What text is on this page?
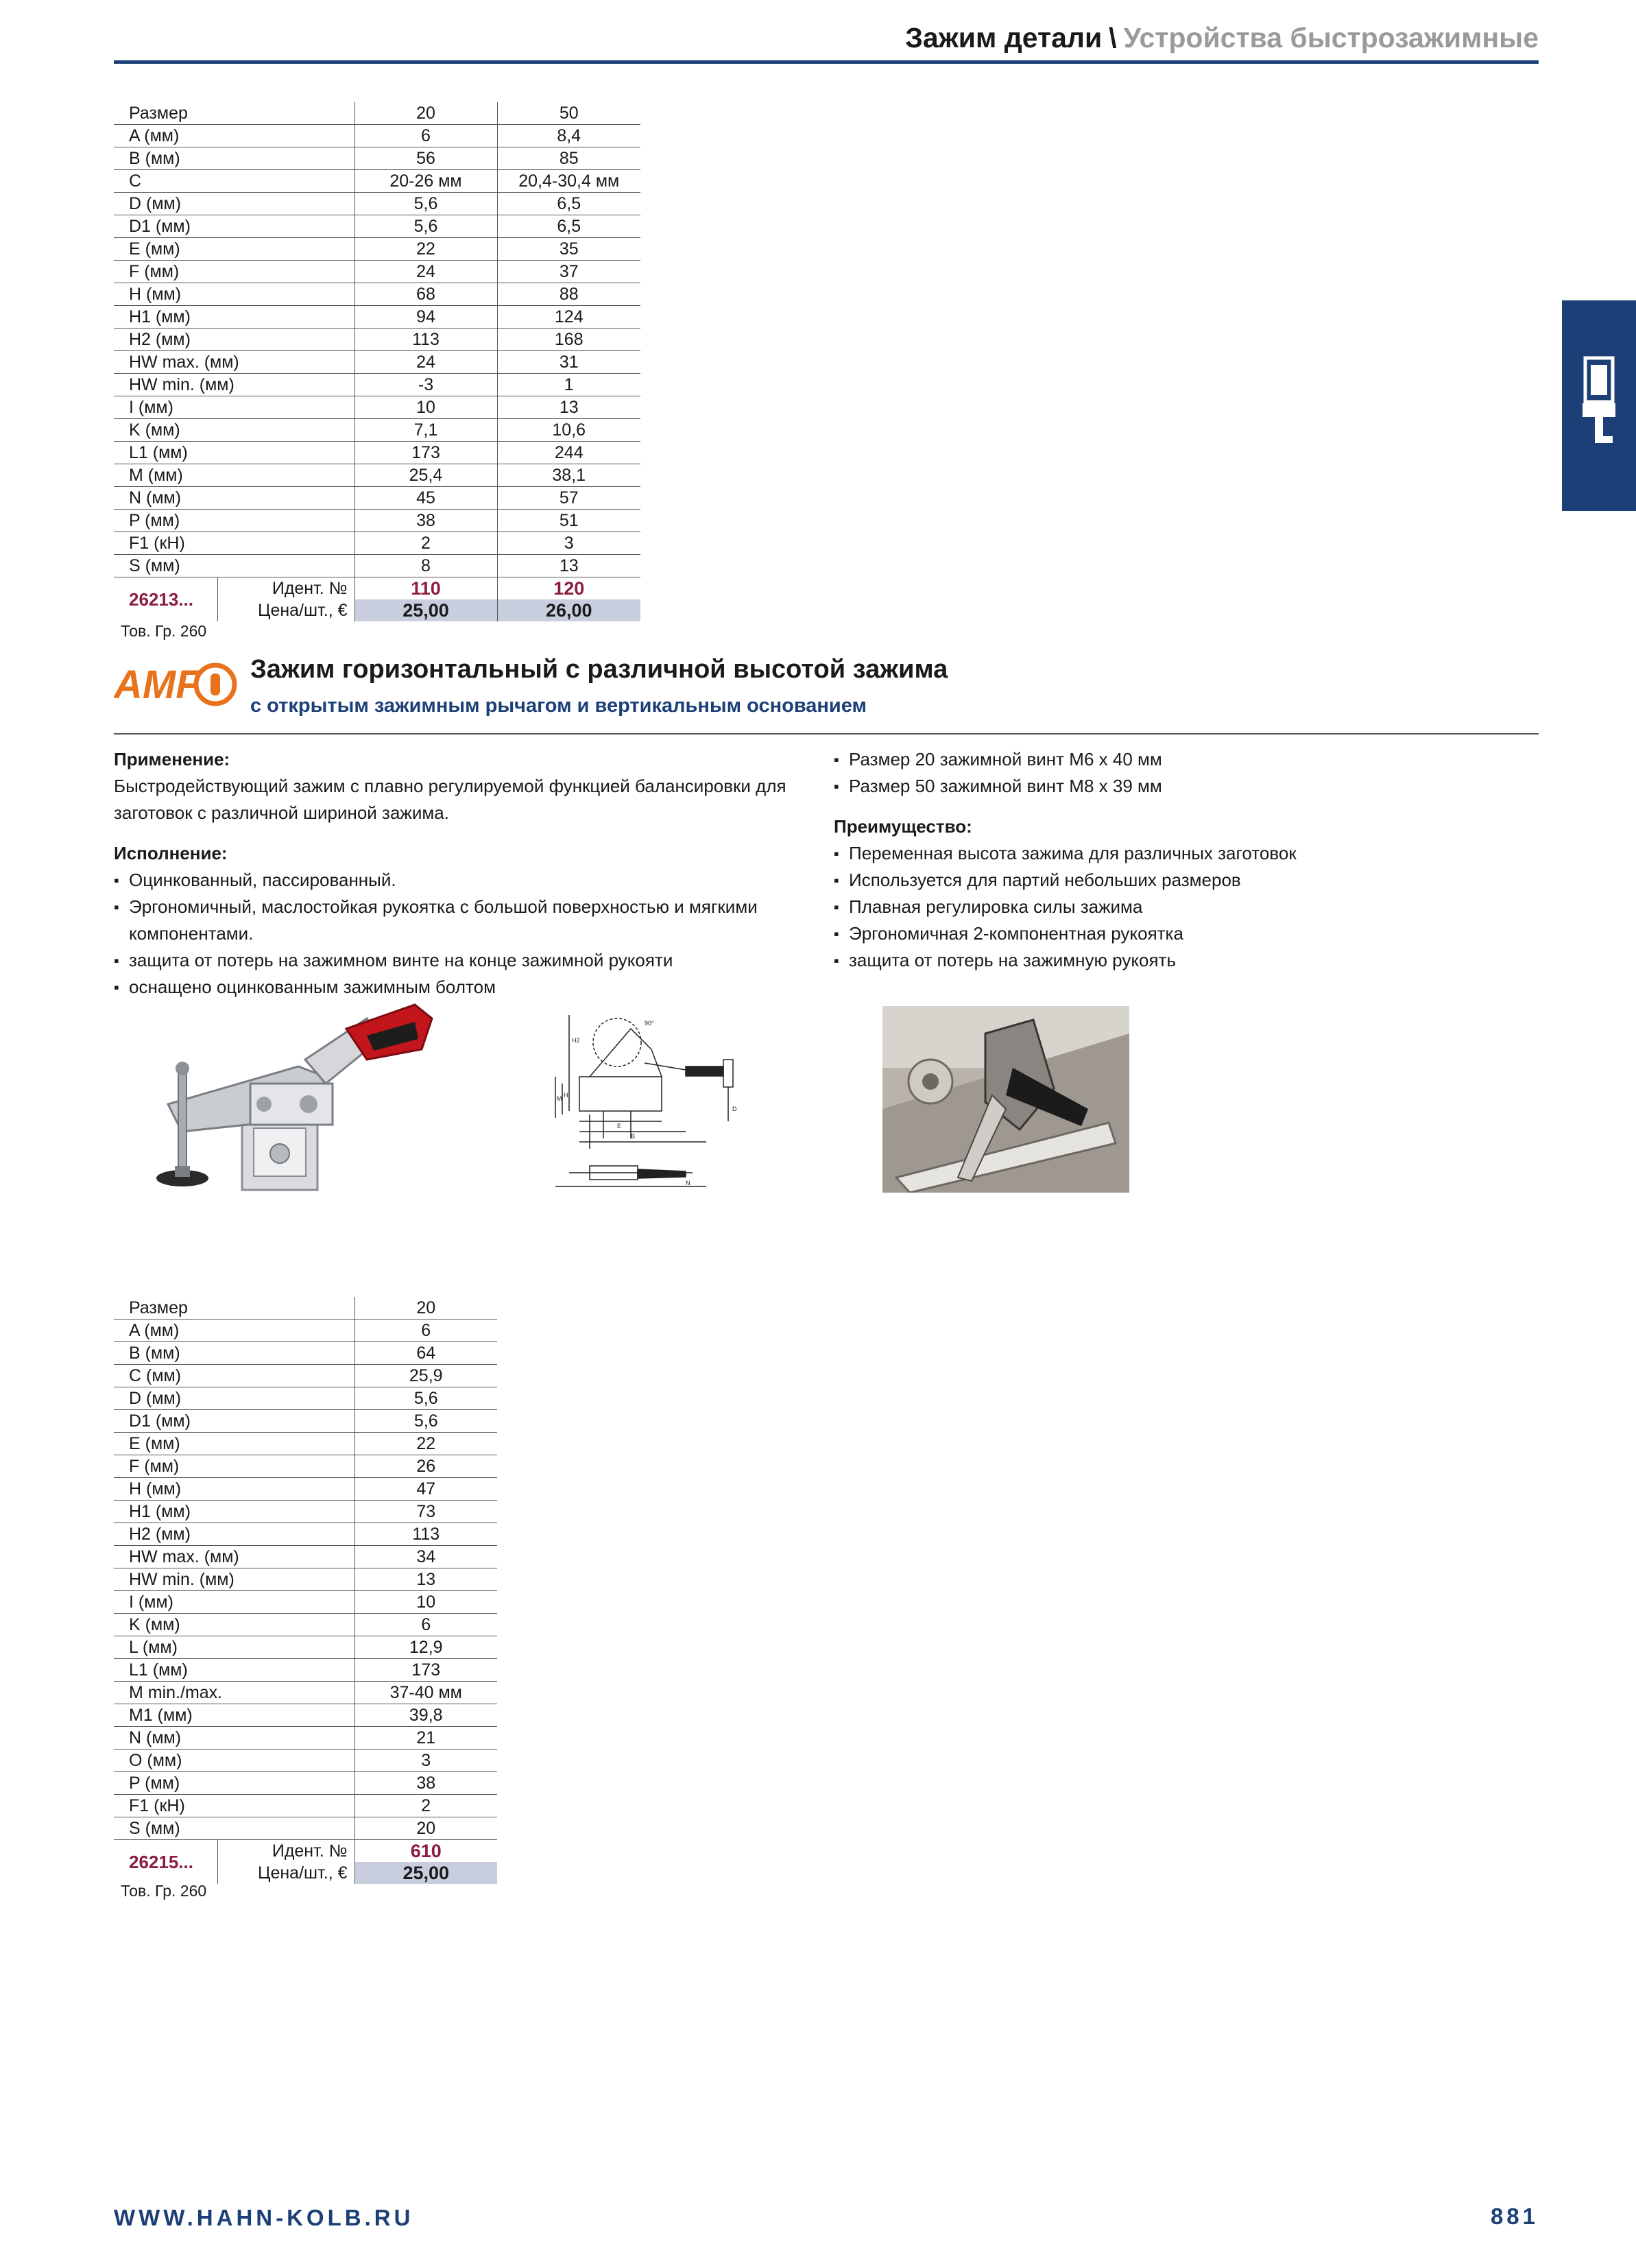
Зажим детали \ Устройства быстрозажимные
Размер		20	50
A (мм)		6	8,4
B (мм)		56	85
C		20-26 мм	20,4-30,4 мм
D (мм)		5,6	6,5
D1 (мм)		5,6	6,5
E (мм)		22	35
F (мм)		24	37
H (мм)		68	88
H1 (мм)		94	124
H2 (мм)		113	168
HW max. (мм)		24	31
HW min. (мм)		-3	1
I (мм)		10	13
K (мм)		7,1	10,6
L1 (мм)		173	244
M (мм)		25,4	38,1
N (мм)		45	57
P (мм)		38	51
F1 (кН)		2	3
S (мм)		8	13
26213...	Идент. №	110	120
	Цена/шт., €	25,00	26,00
Тов. Гр. 260
AMF Зажим горизонтальный с различной высотой зажима
с открытым зажимным рычагом и вертикальным основанием

Применение:

Быстродействующий зажим с плавно регулируемой функцией балансировки для заготовок с различной шириной зажима.

Исполнение:

▪ Оцинкованный, пассированный.
▪ Эргономичный, маслостойкая рукоятка с большой поверхностью и мягкими компонентами.
▪ защита от потерь на зажимном винте на конце зажимной рукояти
▪ оснащено оцинкованным зажимным болтом
▪ Размер 20 зажимной винт M6 x 40 мм
▪ Размер 50 зажимной винт M8 x 39 мм

Преимущество:

▪ Переменная высота зажима для различных заготовок
▪ Используется для партий небольших размеров
▪ Плавная регулировка силы зажима
▪ Эргономичная 2-компонентная рукоятка
▪ защита от потерь на зажимную рукоять
H2
90°
H
M
E
B
N
D
Размер		20
A (мм)		6
B (мм)		64
C (мм)		25,9
D (мм)		5,6
D1 (мм)		5,6
E (мм)		22
F (мм)		26
H (мм)		47
H1 (мм)		73
H2 (мм)		113
HW max. (мм)		34
HW min. (мм)		13
I (мм)		10
K (мм)		6
L (мм)		12,9
L1 (мм)		173
M min./max.		37-40 мм
M1 (мм)		39,8
N (мм)		21
O (мм)		3
P (мм)		38
F1 (кН)		2
S (мм)		20
26215...	Идент. №	610
	Цена/шт., €	25,00
Тов. Гр. 260
WWW.HAHN-KOLB.RU	881
